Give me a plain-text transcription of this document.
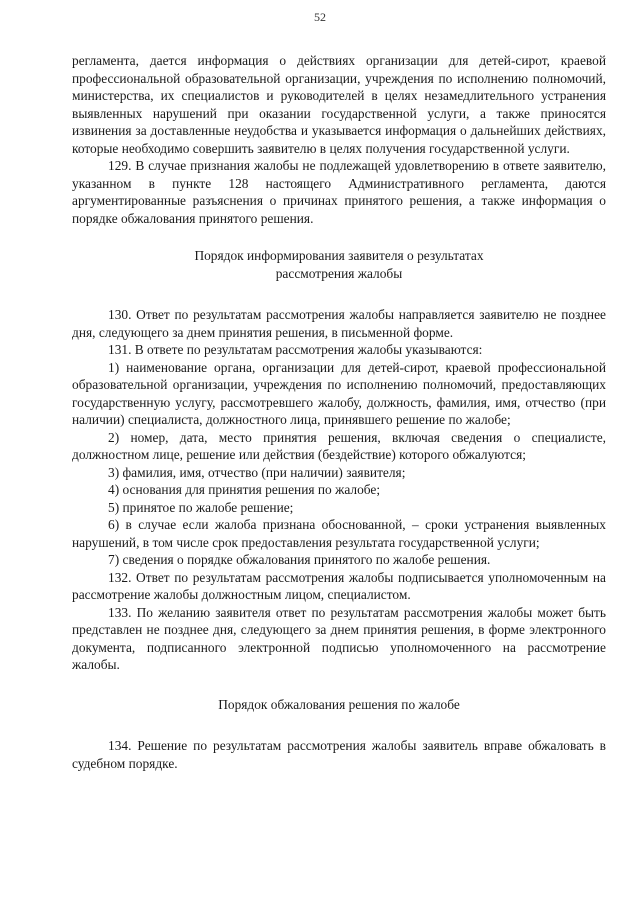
52

регламента, дается информация о действиях организации для детей-сирот, краевой профессиональной образовательной организации, учреждения по исполнению полномочий, министерства, их специалистов и руководителей в целях незамедлительного устранения выявленных нарушений при оказании государственной услуги, а также приносятся извинения за доставленные неудобства и указывается информация о дальнейших действиях, которые необходимо совершить заявителю в целях получения государственной услуги.

129. В случае признания жалобы не подлежащей удовлетворению в ответе заявителю, указанном в пункте 128 настоящего Административного регламента, даются аргументированные разъяснения о причинах принятого решения, а также информация о порядке обжалования принятого решения.

Порядок информирования заявителя о результатах
рассмотрения жалобы

130. Ответ по результатам рассмотрения жалобы направляется заявителю не позднее дня, следующего за днем принятия решения, в письменной форме.

131. В ответе по результатам рассмотрения жалобы указываются:

1) наименование органа, организации для детей-сирот, краевой профессиональной образовательной организации, учреждения по исполнению полномочий, предоставляющих государственную услугу, рассмотревшего жалобу, должность, фамилия, имя, отчество (при наличии) специалиста, должностного лица, принявшего решение по жалобе;

2) номер, дата, место принятия решения, включая сведения о специалисте, должностном лице, решение или действия (бездействие) которого обжалуются;

3) фамилия, имя, отчество (при наличии) заявителя;

4) основания для принятия решения по жалобе;

5) принятое по жалобе решение;

6) в случае если жалоба признана обоснованной, – сроки устранения выявленных нарушений, в том числе срок предоставления результата государственной услуги;

7) сведения о порядке обжалования принятого по жалобе решения.

132. Ответ по результатам рассмотрения жалобы подписывается уполномоченным на рассмотрение жалобы должностным лицом, специалистом.

133. По желанию заявителя ответ по результатам рассмотрения жалобы может быть представлен не позднее дня, следующего за днем принятия решения, в форме электронного документа, подписанного электронной подписью уполномоченного на рассмотрение жалобы.

Порядок обжалования решения по жалобе

134. Решение по результатам рассмотрения жалобы заявитель вправе обжаловать в судебном порядке.
